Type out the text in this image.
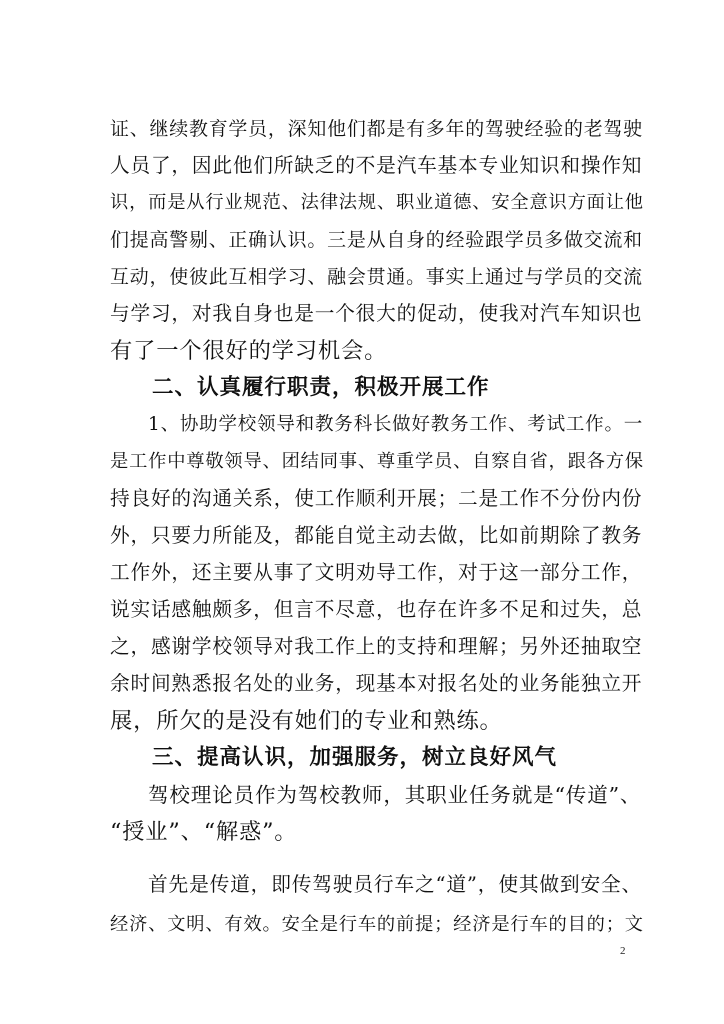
证、继续教育学员，深知他们都是有多年的驾驶经验的老驾驶
人员了，因此他们所缺乏的不是汽车基本专业知识和操作知
识，而是从行业规范、法律法规、职业道德、安全意识方面让他
们提高警剔、正确认识。三是从自身的经验跟学员多做交流和
互动，使彼此互相学习、融会贯通。事实上通过与学员的交流
与学习，对我自身也是一个很大的促动，使我对汽车知识也
有了一个很好的学习机会。
二、认真履行职责，积极开展工作
1、协助学校领导和教务科长做好教务工作、考试工作。一
是工作中尊敬领导、团结同事、尊重学员、自察自省，跟各方保
持良好的沟通关系，使工作顺利开展；二是工作不分份内份
外，只要力所能及，都能自觉主动去做，比如前期除了教务
工作外，还主要从事了文明劝导工作，对于这一部分工作，
说实话感触颇多，但言不尽意，也存在许多不足和过失，总
之，感谢学校领导对我工作上的支持和理解；另外还抽取空
余时间熟悉报名处的业务，现基本对报名处的业务能独立开
展，所欠的是没有她们的专业和熟练。
三、提高认识，加强服务，树立良好风气
驾校理论员作为驾校教师，其职业任务就是“传道”、
“授业”、“解惑”。
首先是传道，即传驾驶员行车之“道”，使其做到安全、
经济、文明、有效。安全是行车的前提；经济是行车的目的；文
2
